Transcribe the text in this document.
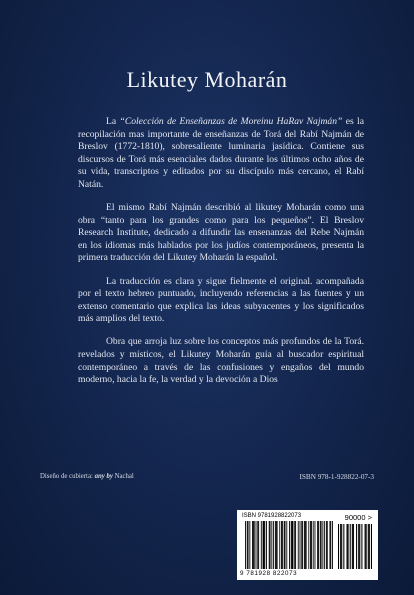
Likutey Moharán

La “Colección de Enseñanzas de Moreinu HaRav Najmán” es la recopilación mas importante de enseñanzas de Torá del Rabí Najmán de Breslov (1772-1810), sobresaliente luminaria jasídica. Contiene sus discursos de Torá más esenciales dados durante los últimos ocho años de su vida, transcriptos y editados por su discípulo más cercano, el Rabí Natán.

El mismo Rabí Najmán describió al likutey Moharán como una obra “tanto para los grandes como para los pequeños”. El Breslov Research Institute, dedicado a difundir las ensenanzas del Rebe Najmán en los idiomas más hablados por los judíos contemporáneos, presenta la primera traducción del Likutey Moharán la español.

La traducción es clara y sigue fielmente el original. acompañada por el texto hebreo puntuado, incluyendo referencias a las fuentes y un extenso comentario que explica las ideas subyacentes y los significados más amplios del texto.

Obra que arroja luz sobre los conceptos más profundos de la Torá. revelados y místicos, el Likutey Moharán guía al buscador espiritual contemporáneo a través de las confusiones y engaños del mundo moderno, hacia la fe, la verdad y la devoción a Dios

Diseño de cubierta: any by Nachal	ISBN 978-1-928822-07-3
ISBN 9781928822073	90000 >
9 781928 822073
